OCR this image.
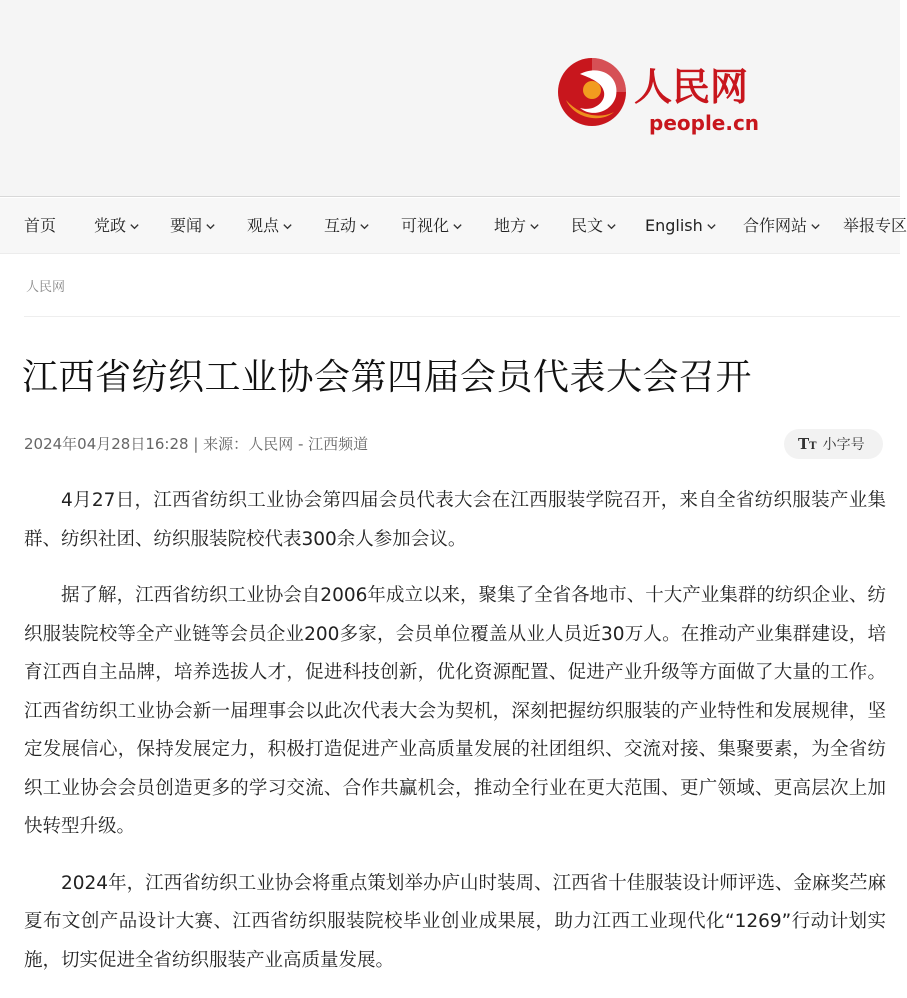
人民网
people.cn
首页 党政	要闻	观点	互动	可视化	地方	民文	English	合作网站	举报专区
人民网
江西省纺织工业协会第四届会员代表大会召开
2024年04月28日16:28 | 来源：人民网 - 江西频道	TT 小字号

4月27日，江西省纺织工业协会第四届会员代表大会在江西服装学院召开，来自全省纺织服装产业集群、纺织社团、纺织服装院校代表300余人参加会议。

据了解，江西省纺织工业协会自2006年成立以来，聚集了全省各地市、十大产业集群的纺织企业、纺织服装院校等全产业链等会员企业200多家，会员单位覆盖从业人员近30万人。在推动产业集群建设，培育江西自主品牌，培养选拔人才，促进科技创新，优化资源配置、促进产业升级等方面做了大量的工作。江西省纺织工业协会新一届理事会以此次代表大会为契机，深刻把握纺织服装的产业特性和发展规律，坚定发展信心，保持发展定力，积极打造促进产业高质量发展的社团组织、交流对接、集聚要素，为全省纺织工业协会会员创造更多的学习交流、合作共赢机会，推动全行业在更大范围、更广领域、更高层次上加快转型升级。

2024年，江西省纺织工业协会将重点策划举办庐山时装周、江西省十佳服装设计师评选、金麻奖苎麻夏布文创产品设计大赛、江西省纺织服装院校毕业创业成果展，助力江西工业现代化“1269”行动计划实施，切实促进全省纺织服装产业高质量发展。
